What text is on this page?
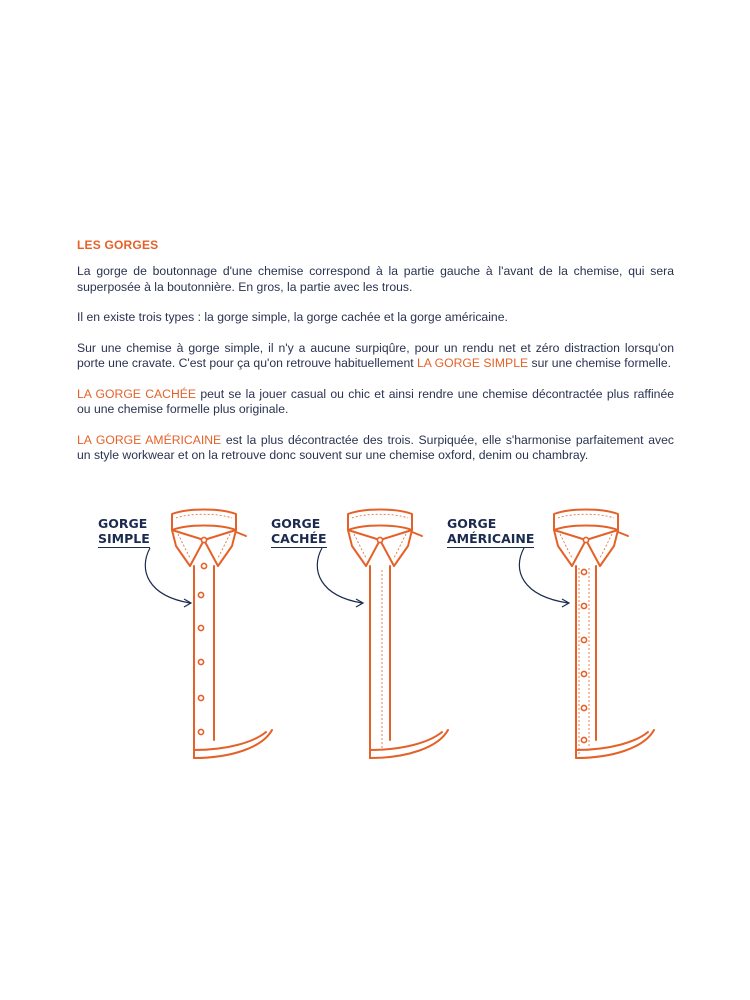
LES GORGES

La gorge de boutonnage d'une chemise correspond à la partie gauche à l'avant de la chemise, qui sera superposée à la boutonnière. En gros, la partie avec les trous.

Il en existe trois types : la gorge simple, la gorge cachée et la gorge américaine.

Sur une chemise à gorge simple, il n'y a aucune surpiqûre, pour un rendu net et zéro distraction lorsqu'on porte une cravate. C'est pour ça qu'on retrouve habituellement LA GORGE SIMPLE sur une chemise formelle.

LA GORGE CACHÉE peut se la jouer casual ou chic et ainsi rendre une chemise décontractée plus raffinée ou une chemise formelle plus originale.

LA GORGE AMÉRICAINE est la plus décontractée des trois. Surpiquée, elle s'harmonise parfaitement avec un style workwear et on la retrouve donc souvent sur une chemise oxford, denim ou chambray.

GORGE
SIMPLE
GORGE
CACHÉE
GORGE
AMÉRICAINE
